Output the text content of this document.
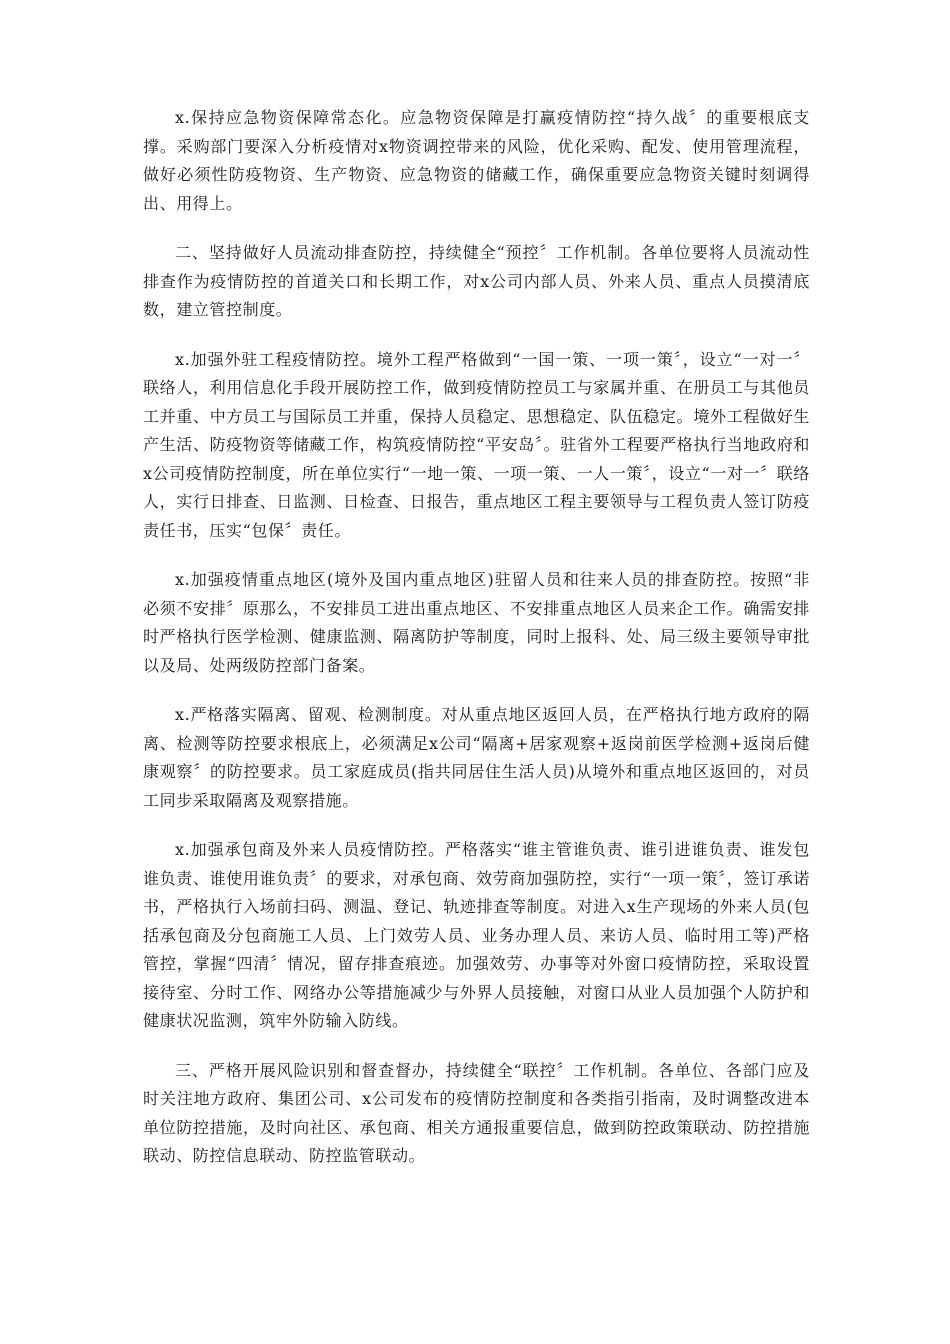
x.保持应急物资保障常态化。应急物资保障是打赢疫情防控“持久战〞的重要根底支撑。采购部门要深入分析疫情对x物资调控带来的风险，优化采购、配发、使用管理流程，做好必须性防疫物资、生产物资、应急物资的储藏工作，确保重要应急物资关键时刻调得出、用得上。

二、坚持做好人员流动排查防控，持续健全“预控〞工作机制。各单位要将人员流动性排查作为疫情防控的首道关口和长期工作，对x公司内部人员、外来人员、重点人员摸清底数，建立管控制度。

x.加强外驻工程疫情防控。境外工程严格做到“一国一策、一项一策〞，设立“一对一〞联络人，利用信息化手段开展防控工作，做到疫情防控员工与家属并重、在册员工与其他员工并重、中方员工与国际员工并重，保持人员稳定、思想稳定、队伍稳定。境外工程做好生产生活、防疫物资等储藏工作，构筑疫情防控“平安岛〞。驻省外工程要严格执行当地政府和x公司疫情防控制度，所在单位实行“一地一策、一项一策、一人一策〞，设立“一对一〞联络人，实行日排查、日监测、日检查、日报告，重点地区工程主要领导与工程负责人签订防疫责任书，压实“包保〞责任。

x.加强疫情重点地区(境外及国内重点地区)驻留人员和往来人员的排查防控。按照“非必须不安排〞原那么，不安排员工进出重点地区、不安排重点地区人员来企工作。确需安排时严格执行医学检测、健康监测、隔离防护等制度，同时上报科、处、局三级主要领导审批以及局、处两级防控部门备案。

x.严格落实隔离、留观、检测制度。对从重点地区返回人员，在严格执行地方政府的隔离、检测等防控要求根底上，必须满足x公司“隔离+居家观察+返岗前医学检测+返岗后健康观察〞的防控要求。员工家庭成员(指共同居住生活人员)从境外和重点地区返回的，对员工同步采取隔离及观察措施。

x.加强承包商及外来人员疫情防控。严格落实“谁主管谁负责、谁引进谁负责、谁发包谁负责、谁使用谁负责〞的要求，对承包商、效劳商加强防控，实行“一项一策〞，签订承诺书，严格执行入场前扫码、测温、登记、轨迹排查等制度。对进入x生产现场的外来人员(包括承包商及分包商施工人员、上门效劳人员、业务办理人员、来访人员、临时用工等)严格管控，掌握“四清〞情况，留存排查痕迹。加强效劳、办事等对外窗口疫情防控，采取设置接待室、分时工作、网络办公等措施减少与外界人员接触，对窗口从业人员加强个人防护和健康状况监测，筑牢外防输入防线。

三、严格开展风险识别和督查督办，持续健全“联控〞工作机制。各单位、各部门应及时关注地方政府、集团公司、x公司发布的疫情防控制度和各类指引指南，及时调整改进本单位防控措施，及时向社区、承包商、相关方通报重要信息，做到防控政策联动、防控措施联动、防控信息联动、防控监管联动。
